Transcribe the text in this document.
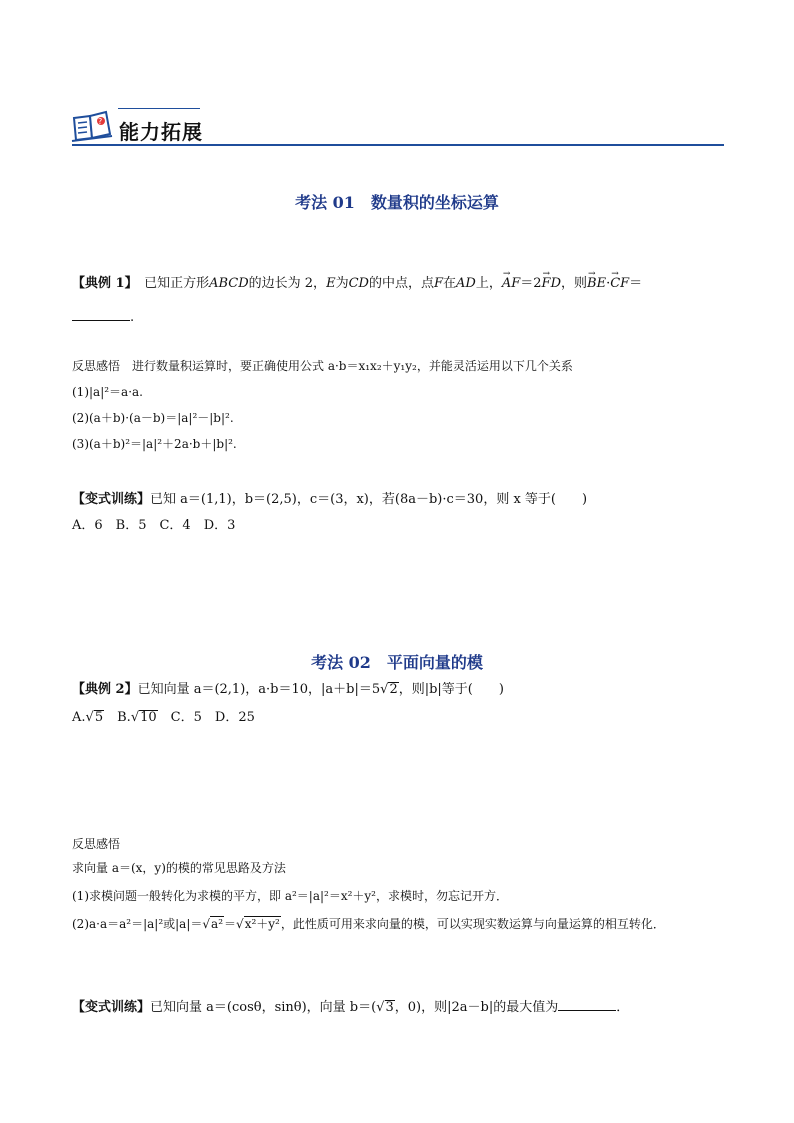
? 能力拓展
考法 01　数量积的坐标运算
【典例 1】　已知正方形ABCD的边长为 2，E为CD的中点，点F在AD上，→ AF＝2→ FD，则→ BE·→ CF＝
.
反思感悟　进行数量积运算时，要正确使用公式 a·b＝x₁x₂＋y₁y₂，并能灵活运用以下几个关系
(1)|a|²＝a·a.
(2)(a＋b)·(a－b)＝|a|²－|b|².
(3)(a＋b)²＝|a|²＋2a·b＋|b|².
【变式训练】已知 a＝(1,1)，b＝(2,5)，c＝(3，x)，若(8a－b)·c＝30，则 x 等于(　　)
A．6　B．5　C．4　D．3
考法 02　平面向量的模
【典例 2】已知向量 a＝(2,1)，a·b＝10，|a＋b|＝5√2，则|b|等于(　　)
A.√5　 B.√10　 C．5　D．25
反思感悟
求向量 a＝(x，y)的模的常见思路及方法
(1)求模问题一般转化为求模的平方，即 a²＝|a|²＝x²＋y²，求模时，勿忘记开方．
(2)a·a＝a²＝|a|²或|a|＝√a²＝√x²＋y²，此性质可用来求向量的模，可以实现实数运算与向量运算的相互转化．
【变式训练】已知向量 a＝(cosθ，sinθ)，向量 b＝(√3，0)，则|2a－b|的最大值为	．
